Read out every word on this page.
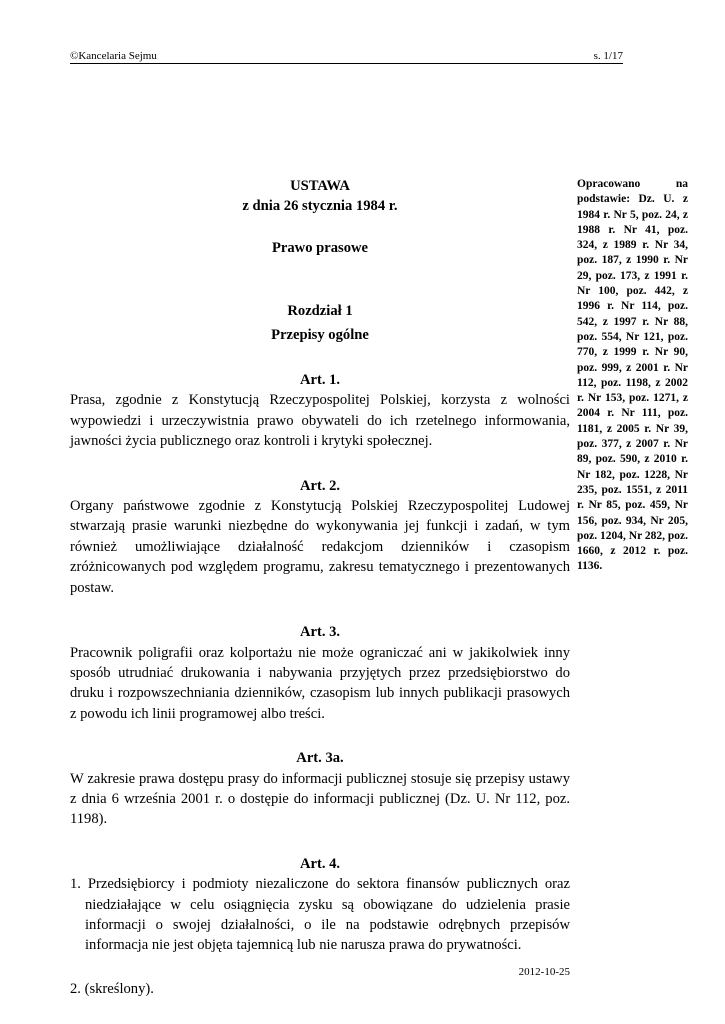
©Kancelaria Sejmu	s. 1/17

USTAWA

z dnia 26 stycznia 1984 r.

Prawo prasowe

Rozdział 1

Przepisy ogólne

Art. 1.

Prasa, zgodnie z Konstytucją Rzeczypospolitej Polskiej, korzysta z wolności wypowiedzi i urzeczywistnia prawo obywateli do ich rzetelnego informowania, jawności życia publicznego oraz kontroli i krytyki społecznej.

Art. 2.

Organy państwowe zgodnie z Konstytucją Polskiej Rzeczypospolitej Ludowej stwarzają prasie warunki niezbędne do wykonywania jej funkcji i zadań, w tym również umożliwiające działalność redakcjom dzienników i czasopism zróżnicowanych pod względem programu, zakresu tematycznego i prezentowanych postaw.

Art. 3.

Pracownik poligrafii oraz kolportażu nie może ograniczać ani w jakikolwiek inny sposób utrudniać drukowania i nabywania przyjętych przez przedsiębiorstwo do druku i rozpowszechniania dzienników, czasopism lub innych publikacji prasowych z powodu ich linii programowej albo treści.

Art. 3a.

W zakresie prawa dostępu prasy do informacji publicznej stosuje się przepisy ustawy z dnia 6 września 2001 r. o dostępie do informacji publicznej (Dz. U. Nr 112, poz. 1198).

Art. 4.

1. Przedsiębiorcy i podmioty niezaliczone do sektora finansów publicznych oraz niedziałające w celu osiągnięcia zysku są obowiązane do udzielenia prasie informacji o swojej działalności, o ile na podstawie odrębnych przepisów informacja nie jest objęta tajemnicą lub nie narusza prawa do prywatności.

2. (skreślony).

Opracowano na podstawie: Dz. U. z 1984 r. Nr 5, poz. 24, z 1988 r. Nr 41, poz. 324, z 1989 r. Nr 34, poz. 187, z 1990 r. Nr 29, poz. 173, z 1991 r. Nr 100, poz. 442, z 1996 r. Nr 114, poz. 542, z 1997 r. Nr 88, poz. 554, Nr 121, poz. 770, z 1999 r. Nr 90, poz. 999, z 2001 r. Nr 112, poz. 1198, z 2002 r. Nr 153, poz. 1271, z 2004 r. Nr 111, poz. 1181, z 2005 r. Nr 39, poz. 377, z 2007 r. Nr 89, poz. 590, z 2010 r. Nr 182, poz. 1228, Nr 235, poz. 1551, z 2011 r. Nr 85, poz. 459, Nr 156, poz. 934, Nr 205, poz. 1204, Nr 282, poz. 1660, z 2012 r. poz. 1136.
2012-10-25
